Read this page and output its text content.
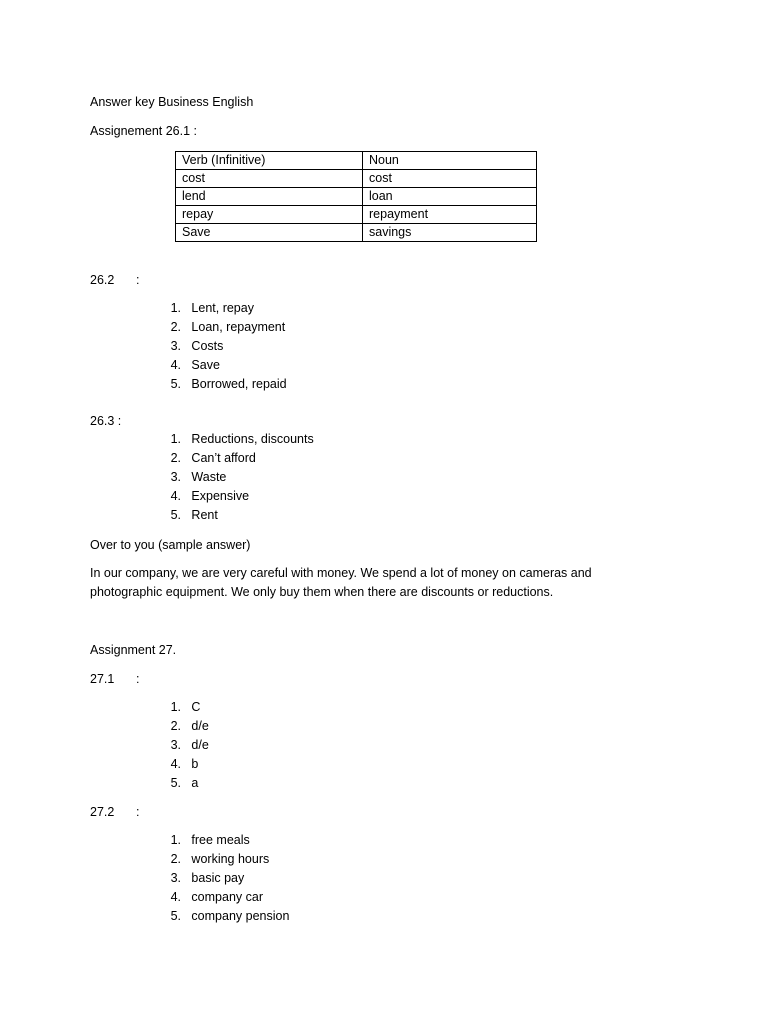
Answer key Business English
Assignement 26.1 :
Verb (Infinitive)	Noun
cost	cost
lend	loan
repay	repayment
Save	savings
26.2 :
1. Lent, repay
2. Loan, repayment
3. Costs
4. Save
5. Borrowed, repaid
26.3 :
1. Reductions, discounts
2. Can’t afford
3. Waste
4. Expensive
5. Rent
Over to you (sample answer)
In our company, we are very careful with money. We spend a lot of money on cameras and
photographic equipment. We only buy them when there are discounts or reductions.
Assignment 27.
27.1 :
1. C
2. d/e
3. d/e
4. b
5. a
27.2 :
1. free meals
2. working hours
3. basic pay
4. company car
5. company pension
